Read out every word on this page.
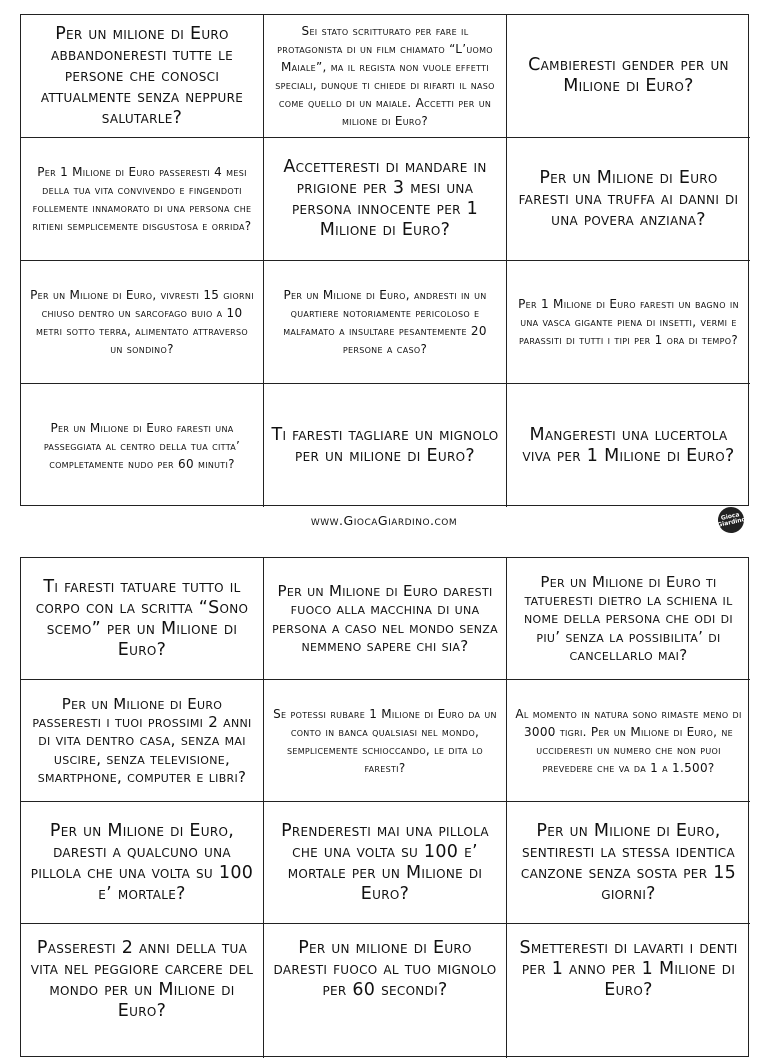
Per un milione di Euro abbandoneresti tutte le persone che conosci attualmente senza neppure salutarle?
Sei stato scritturato per fare il protagonista di un film chiamato “L’uomo Maiale”, ma il regista non vuole effetti speciali, dunque ti chiede di rifarti il naso come quello di un maiale. Accetti per un milione di Euro?
Cambieresti gender per un Milione di Euro?
Per 1 Milione di Euro passeresti 4 mesi della tua vita convivendo e fingendoti follemente innamorato di una persona che ritieni semplicemente disgustosa e orrida?
Accetteresti di mandare in prigione per 3 mesi una persona innocente per 1 Milione di Euro?
Per un Milione di Euro faresti una truffa ai danni di una povera anziana?
Per un Milione di Euro, vivresti 15 giorni chiuso dentro un sarcofago buio a 10 metri sotto terra, alimentato attraverso un sondino?
Per un Milione di Euro, andresti in un quartiere notoriamente pericoloso e malfamato a insultare pesantemente 20 persone a caso?
Per 1 Milione di Euro faresti un bagno in una vasca gigante piena di insetti, vermi e parassiti di tutti i tipi per 1 ora di tempo?
Per un Milione di Euro faresti una passeggiata al centro della tua citta’ completamente nudo per 60 minuti?
Ti faresti tagliare un mignolo per un milione di Euro?
Mangeresti una lucertola viva per 1 Milione di Euro?
www.GiocaGiardino.com	Gioca Giardino
Ti faresti tatuare tutto il corpo con la scritta “Sono scemo” per un Milione di Euro?
Per un Milione di Euro daresti fuoco alla macchina di una persona a caso nel mondo senza nemmeno sapere chi sia?
Per un Milione di Euro ti tatueresti dietro la schiena il nome della persona che odi di piu’ senza la possibilita’ di cancellarlo mai?
Per un Milione di Euro passeresti i tuoi prossimi 2 anni di vita dentro casa, senza mai uscire, senza televisione, smartphone, computer e libri?
Se potessi rubare 1 Milione di Euro da un conto in banca qualsiasi nel mondo, semplicemente schioccando, le dita lo faresti?
Al momento in natura sono rimaste meno di 3000 tigri. Per un Milione di Euro, ne uccideresti un numero che non puoi prevedere che va da 1 a 1.500?
Per un Milione di Euro, daresti a qualcuno una pillola che una volta su 100 e’ mortale?
Prenderesti mai una pillola che una volta su 100 e’ mortale per un Milione di Euro?
Per un Milione di Euro, sentiresti la stessa identica canzone senza sosta per 15 giorni?
Passeresti 2 anni della tua vita nel peggiore carcere del mondo per un Milione di Euro?
Per un milione di Euro daresti fuoco al tuo mignolo per 60 secondi?
Smetteresti di lavarti i denti per 1 anno per 1 Milione di Euro?
